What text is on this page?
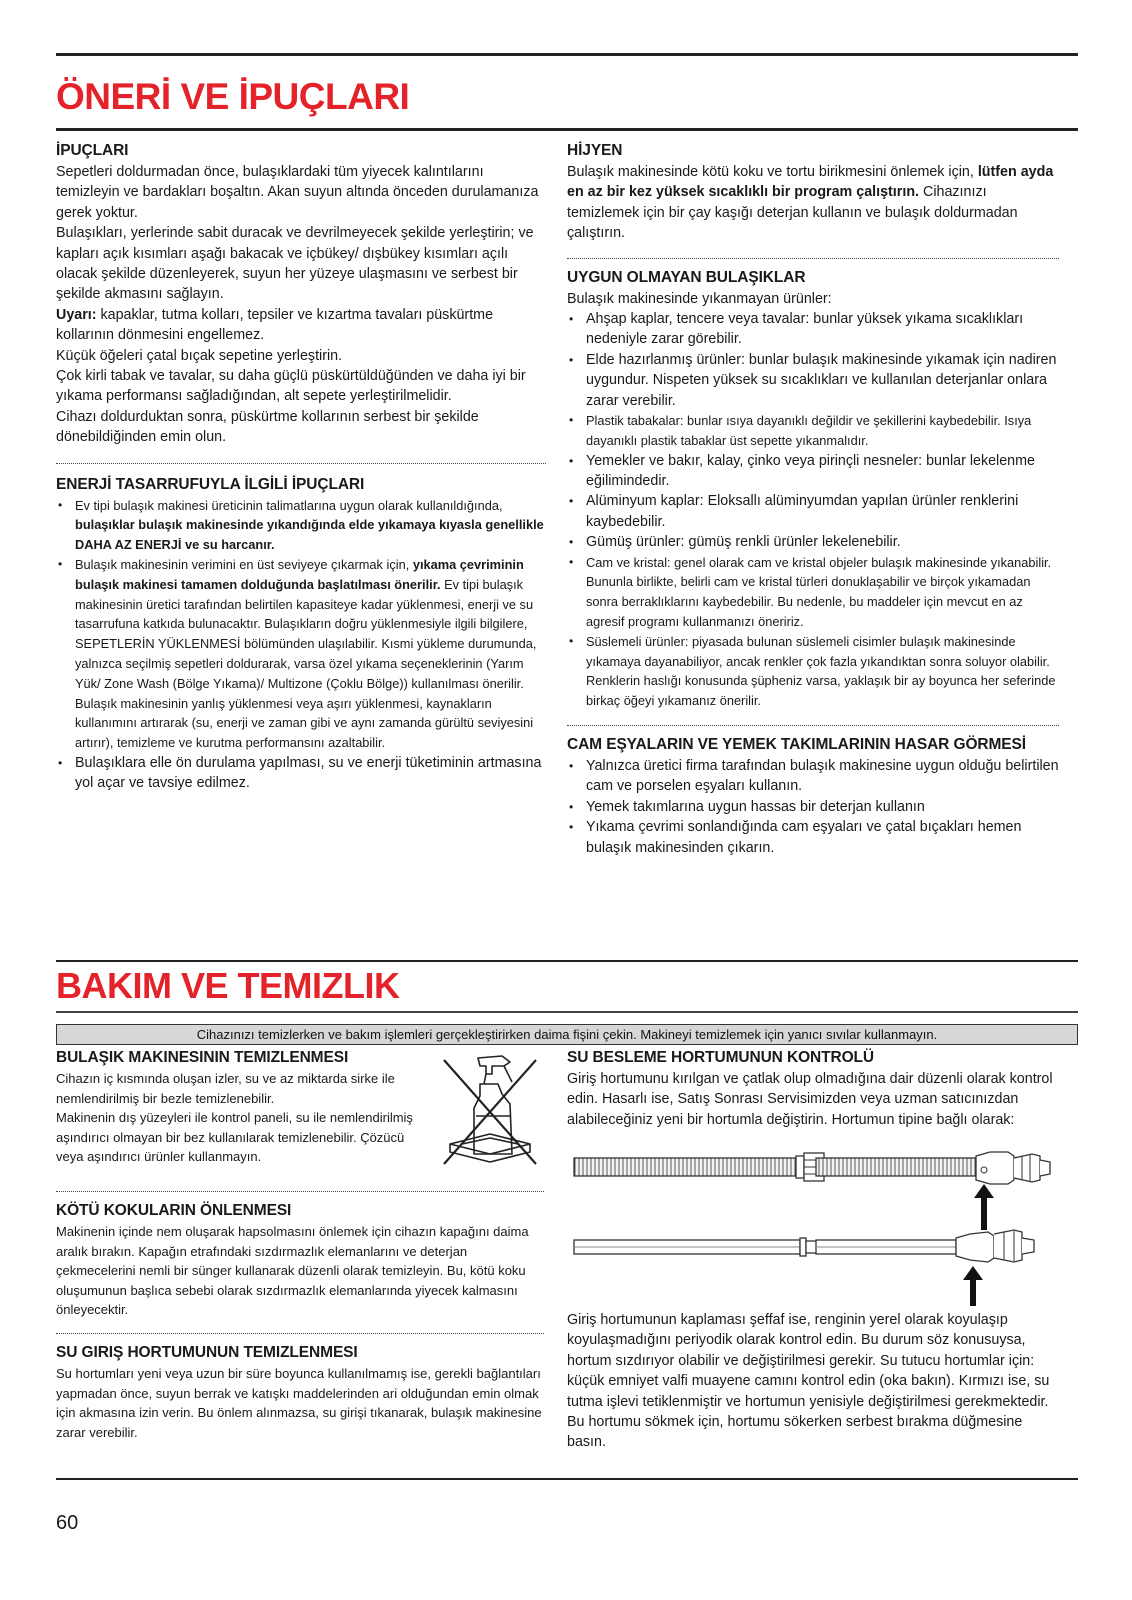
ÖNERİ VE İPUÇLARI
İPUÇLARI

Sepetleri doldurmadan önce, bulaşıklardaki tüm yiyecek kalıntılarını temizleyin ve bardakları boşaltın. Akan suyun altında önceden durulamanıza gerek yoktur.

Bulaşıkları, yerlerinde sabit duracak ve devrilmeyecek şekilde yerleştirin; ve kapları açık kısımları aşağı bakacak ve içbükey/ dışbükey kısımları açılı olacak şekilde düzenleyerek, suyun her yüzeye ulaşmasını ve serbest bir şekilde akmasını sağlayın.

Uyarı: kapaklar, tutma kolları, tepsiler ve kızartma tavaları püskürtme kollarının dönmesini engellemez.

Küçük öğeleri çatal bıçak sepetine yerleştirin.

Çok kirli tabak ve tavalar, su daha güçlü püskürtüldüğünden ve daha iyi bir yıkama performansı sağladığından, alt sepete yerleştirilmelidir.

Cihazı doldurduktan sonra, püskürtme kollarının serbest bir şekilde dönebildiğinden emin olun.

ENERJİ TASARRUFUYLA İLGİLİ İPUÇLARI
• Ev tipi bulaşık makinesi üreticinin talimatlarına uygun olarak kullanıldığında, bulaşıklar bulaşık makinesinde yıkandığında elde yıkamaya kıyasla genellikle DAHA AZ ENERJİ ve su harcanır.
• Bulaşık makinesinin verimini en üst seviyeye çıkarmak için, yıkama çevriminin bulaşık makinesi tamamen dolduğunda başlatılması önerilir. Ev tipi bulaşık makinesinin üretici tarafından belirtilen kapasiteye kadar yüklenmesi, enerji ve su tasarrufuna katkıda bulunacaktır. Bulaşıkların doğru yüklenmesiyle ilgili bilgilere, SEPETLERİN YÜKLENMESİ bölümünden ulaşılabilir. Kısmi yükleme durumunda, yalnızca seçilmiş sepetleri doldurarak, varsa özel yıkama seçeneklerinin (Yarım Yük/ Zone Wash (Bölge Yıkama)/ Multizone (Çoklu Bölge)) kullanılması önerilir. Bulaşık makinesinin yanlış yüklenmesi veya aşırı yüklenmesi, kaynakların kullanımını artırarak (su, enerji ve zaman gibi ve aynı zamanda gürültü seviyesini artırır), temizleme ve kurutma performansını azaltabilir.
• Bulaşıklara elle ön durulama yapılması, su ve enerji tüketiminin artmasına yol açar ve tavsiye edilmez.
HİJYEN

Bulaşık makinesinde kötü koku ve tortu birikmesini önlemek için, lütfen ayda en az bir kez yüksek sıcaklıklı bir program çalıştırın. Cihazınızı temizlemek için bir çay kaşığı deterjan kullanın ve bulaşık doldurmadan çalıştırın.

UYGUN OLMAYAN BULAŞIKLAR

Bulaşık makinesinde yıkanmayan ürünler:

• Ahşap kaplar, tencere veya tavalar: bunlar yüksek yıkama sıcaklıkları nedeniyle zarar görebilir.
• Elde hazırlanmış ürünler: bunlar bulaşık makinesinde yıkamak için nadiren uygundur. Nispeten yüksek su sıcaklıkları ve kullanılan deterjanlar onlara zarar verebilir.
• Plastik tabakalar: bunlar ısıya dayanıklı değildir ve şekillerini kaybedebilir. Isıya dayanıklı plastik tabaklar üst sepette yıkanmalıdır.
• Yemekler ve bakır, kalay, çinko veya pirinçli nesneler: bunlar lekelenme eğilimindedir.
• Alüminyum kaplar: Eloksallı alüminyumdan yapılan ürünler renklerini kaybedebilir.
• Gümüş ürünler: gümüş renkli ürünler lekelenebilir.
• Cam ve kristal: genel olarak cam ve kristal objeler bulaşık makinesinde yıkanabilir. Bununla birlikte, belirli cam ve kristal türleri donuklaşabilir ve birçok yıkamadan sonra berraklıklarını kaybedebilir. Bu nedenle, bu maddeler için mevcut en az agresif programı kullanmanızı öneririz.
• Süslemeli ürünler: piyasada bulunan süslemeli cisimler bulaşık makinesinde yıkamaya dayanabiliyor, ancak renkler çok fazla yıkandıktan sonra soluyor olabilir. Renklerin haslığı konusunda şüpheniz varsa, yaklaşık bir ay boyunca her seferinde birkaç öğeyi yıkamanız önerilir.
CAM EŞYALARIN VE YEMEK TAKIMLARININ HASAR GÖRMESİ
• Yalnızca üretici firma tarafından bulaşık makinesine uygun olduğu belirtilen cam ve porselen eşyaları kullanın.
• Yemek takımlarına uygun hassas bir deterjan kullanın
• Yıkama çevrimi sonlandığında cam eşyaları ve çatal bıçakları hemen bulaşık makinesinden çıkarın.
BAKIM VE TEMIZLIK
Cihazınızı temizlerken ve bakım işlemleri gerçekleştirirken daima fişini çekin. Makineyi temizlemek için yanıcı sıvılar kullanmayın.
BULAŞIK MAKINESININ TEMIZLENMESI

Cihazın iç kısmında oluşan izler, su ve az miktarda sirke ile nemlendirilmiş bir bezle temizlenebilir.

Makinenin dış yüzeyleri ile kontrol paneli, su ile nemlendirilmiş aşındırıcı olmayan bir bez kullanılarak temizlenebilir. Çözücü veya aşındırıcı ürünler kullanmayın.

KÖTÜ KOKULARIN ÖNLENMESI

Makinenin içinde nem oluşarak hapsolmasını önlemek için cihazın kapağını daima aralık bırakın. Kapağın etrafındaki sızdırmazlık elemanlarını ve deterjan çekmecelerini nemli bir sünger kullanarak düzenli olarak temizleyin. Bu, kötü koku oluşumunun başlıca sebebi olarak sızdırmazlık elemanlarında yiyecek kalmasını önleyecektir.

SU GIRIŞ HORTUMUNUN TEMIZLENMESI

Su hortumları yeni veya uzun bir süre boyunca kullanılmamış ise, gerekli bağlantıları yapmadan önce, suyun berrak ve katışkı maddelerinden ari olduğundan emin olmak için akmasına izin verin. Bu önlem alınmazsa, su girişi tıkanarak, bulaşık makinesine zarar verebilir.

SU BESLEME HORTUMUNUN KONTROLÜ

Giriş hortumunu kırılgan ve çatlak olup olmadığına dair düzenli olarak kontrol edin. Hasarlı ise, Satış Sonrası Servisimizden veya uzman satıcınızdan alabileceğiniz yeni bir hortumla değiştirin. Hortumun tipine bağlı olarak:

Giriş hortumunun kaplaması şeffaf ise, renginin yerel olarak koyulaşıp koyulaşmadığını periyodik olarak kontrol edin. Bu durum söz konusuysa, hortum sızdırıyor olabilir ve değiştirilmesi gerekir. Su tutucu hortumlar için: küçük emniyet valfi muayene camını kontrol edin (oka bakın). Kırmızı ise, su tutma işlevi tetiklenmiştir ve hortumun yenisiyle değiştirilmesi gerekmektedir. Bu hortumu sökmek için, hortumu sökerken serbest bırakma düğmesine basın.

60
